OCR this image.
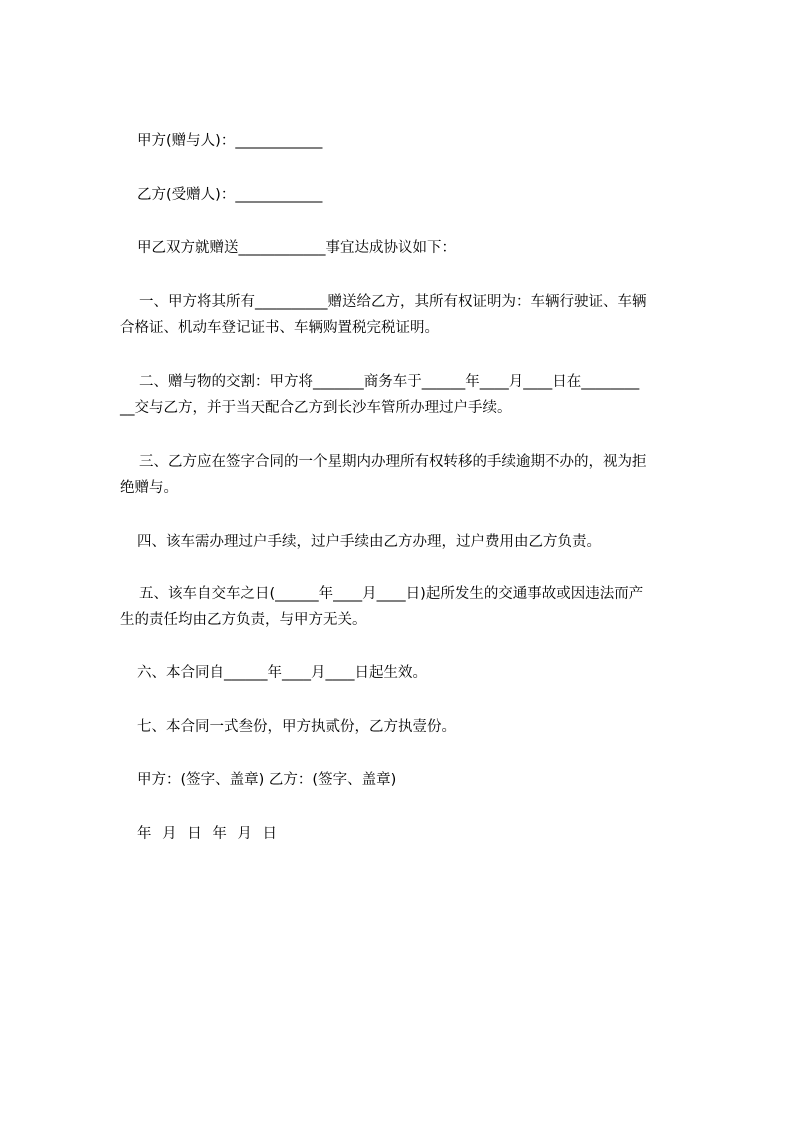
甲方(赠与人)：____________
乙方(受赠人)：____________
甲乙双方就赠送____________事宜达成协议如下：
一、甲方将其所有__________赠送给乙方，其所有权证明为：车辆行驶证、车辆
合格证、机动车登记证书、车辆购置税完税证明。
二、赠与物的交割：甲方将_______商务车于______年____月____日在________
__交与乙方，并于当天配合乙方到长沙车管所办理过户手续。
三、乙方应在签字合同的一个星期内办理所有权转移的手续逾期不办的，视为拒
绝赠与。
四、该车需办理过户手续，过户手续由乙方办理，过户费用由乙方负责。
五、该车自交车之日(______年____月____日)起所发生的交通事故或因违法而产
生的责任均由乙方负责，与甲方无关。
六、本合同自______年____月____日起生效。
七、本合同一式叁份，甲方执贰份，乙方执壹份。
甲方：(签字、盖章) 乙方：(签字、盖章)
年 月 日 年 月 日
